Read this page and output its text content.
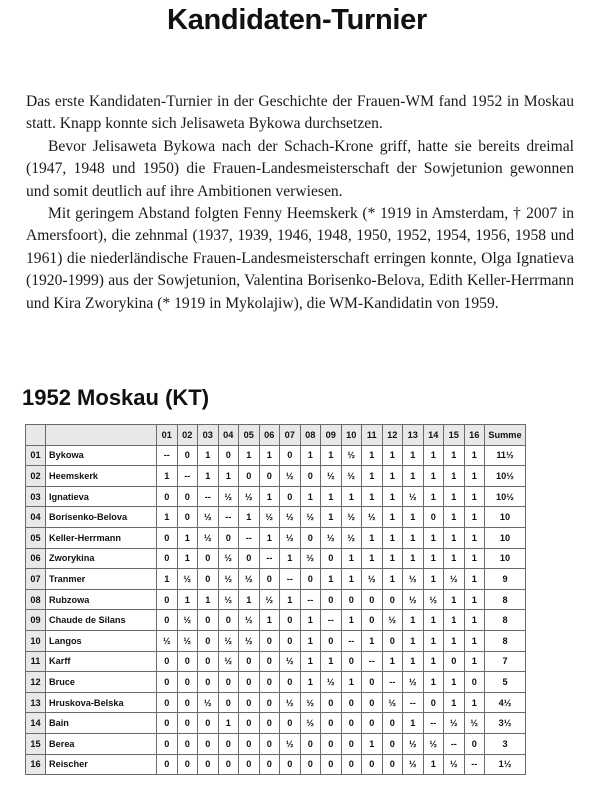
Kandidaten-Turnier

Das erste Kandidaten-Turnier in der Geschichte der Frauen-WM fand 1952 in Moskau statt. Knapp konnte sich Jelisaweta Bykowa durchsetzen.

Bevor Jelisaweta Bykowa nach der Schach-Krone griff, hatte sie bereits dreimal (1947, 1948 und 1950) die Frauen-Landesmeisterschaft der Sowjetunion gewonnen und somit deutlich auf ihre Ambitionen verwiesen.

Mit geringem Abstand folgten Fenny Heemskerk (* 1919 in Amsterdam, † 2007 in Amersfoort), die zehnmal (1937, 1939, 1946, 1948, 1950, 1952, 1954, 1956, 1958 und 1961) die niederländische Frauen-Landesmeisterschaft erringen konnte, Olga Ignatieva (1920-1999) aus der Sowjetunion, Valentina Borisenko-Belova, Edith Keller-Herrmann und Kira Zworykina (* 1919 in Mykolajiw), die WM-Kandidatin von 1959.

1952 Moskau (KT)
		01	02	03	04	05	06	07	08	09	10	11	12	13	14	15	16	Summe
01	Bykowa	--	0	1	0	1	1	0	1	1	½	1	1	1	1	1	1	11½
02	Heemskerk	1	--	1	1	0	0	½	0	½	½	1	1	1	1	1	1	10½
03	Ignatieva	0	0	--	½	½	1	0	1	1	1	1	1	½	1	1	1	10½
04	Borisenko-Belova	1	0	½	--	1	½	½	½	1	½	½	1	1	0	1	1	10
05	Keller-Herrmann	0	1	½	0	--	1	½	0	½	½	1	1	1	1	1	1	10
06	Zworykina	0	1	0	½	0	--	1	½	0	1	1	1	1	1	1	1	10
07	Tranmer	1	½	0	½	½	0	--	0	1	1	½	1	½	1	½	1	9
08	Rubzowa	0	1	1	½	1	½	1	--	0	0	0	0	½	½	1	1	8
09	Chaude de Silans	0	½	0	0	½	1	0	1	--	1	0	½	1	1	1	1	8
10	Langos	½	½	0	½	½	0	0	1	0	--	1	0	1	1	1	1	8
11	Karff	0	0	0	½	0	0	½	1	1	0	--	1	1	1	0	1	7
12	Bruce	0	0	0	0	0	0	0	1	½	1	0	--	½	1	1	0	5
13	Hruskova-Belska	0	0	½	0	0	0	½	½	0	0	0	½	--	0	1	1	4½
14	Bain	0	0	0	1	0	0	0	½	0	0	0	0	1	--	½	½	3½
15	Berea	0	0	0	0	0	0	½	0	0	0	1	0	½	½	--	0	3
16	Reischer	0	0	0	0	0	0	0	0	0	0	0	0	½	1	½	--	1½
